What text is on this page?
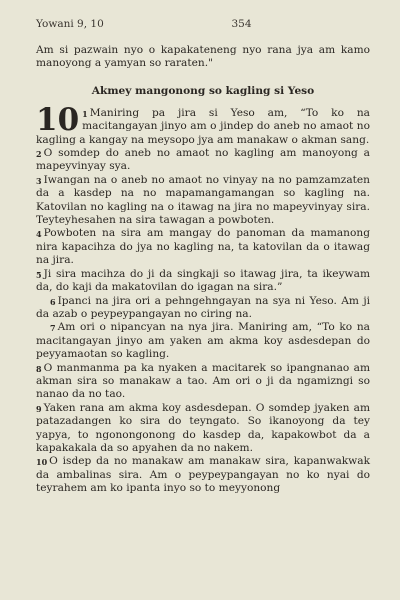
Yowani 9, 10	354

Am si pazwain nyo o kapakateneng nyo rana jya am kamo manoyong a yamyan so raraten."

Akmey mangonong so kagling si Yeso
10 $^1$ Maniring pa jira si Yeso am, “To ko na macitangayan jinyo am o jindep do aneb no amaot no kagling a kangay na meysopo jya am manakaw o akman sang.

$^2$ O somdep do aneb no amaot no kagling am manoyong a mapeyvinyay sya.

$^3$ Iwangan na o aneb no amaot no vinyay na no pamzamzaten da a kasdep na no mapamangamangan so kagling na. Katovilan no kagling na o itawag na jira no mapeyvinyay sira. Teyteyhesahen na sira tawagan a powboten.

$^4$ Powboten na sira am mangay do panoman da mamanong nira kapacihza do jya no kagling na, ta katovilan da o itawag na jira.

$^5$ Ji sira macihza do ji da singkaji so itawag jira, ta ikeywam da, do kaji da makatovilan do igagan na sira.”

$^6$ Ipanci na jira ori a pehngehngayan na sya ni Yeso. Am ji da azab o peypeypangayan no ciring na.

$^7$ Am ori o nipancyan na nya jira. Maniring am, “To ko na macitangayan jinyo am yaken am akma koy asdesdepan do peyyamaotan so kagling.

$^8$ O manmanma pa ka nyaken a macitarek so ipangnanao am akman sira so manakaw a tao. Am ori o ji da ngamizngi so nanao da no tao.

$^9$ Yaken rana am akma koy asdesdepan. O somdep jyaken am patazadangen ko sira do teyngato. So ikanoyong da tey yapya, to ngonongonong do kasdep da, kapakowbot da a kapakakala da so apyahen da no nakem.

$^{10}$ O isdep da no manakaw am manakaw sira, kapanwakwak da ambalinas sira. Am o peypeypangayan no ko nyai do teyrahem am ko ipanta inyo so to meyyonong
